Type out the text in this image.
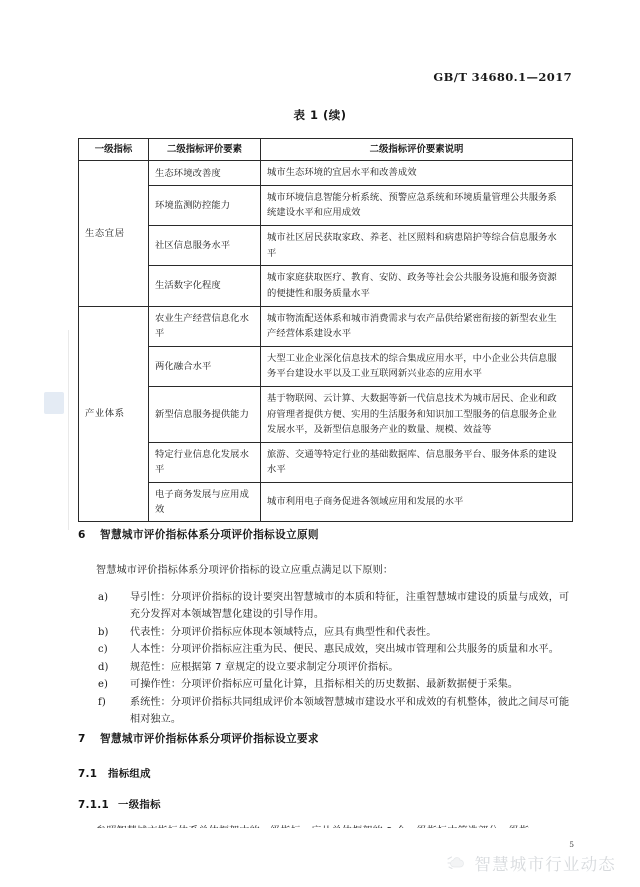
GB/T 34680.1—2017
表 1 (续)
一级指标	二级指标评价要素	二级指标评价要素说明
生态宜居	生态环境改善度	城市生态环境的宜居水平和改善成效
	环境监测防控能力	城市环境信息智能分析系统、预警应急系统和环境质量管理公共服务系统建设水平和应用成效
	社区信息服务水平	城市社区居民获取家政、养老、社区照料和病患陪护等综合信息服务水平
	生活数字化程度	城市家庭获取医疗、教育、安防、政务等社会公共服务设施和服务资源的便捷性和服务质量水平
产业体系	农业生产经营信息化水平	城市物流配送体系和城市消费需求与农产品供给紧密衔接的新型农业生产经营体系建设水平
	两化融合水平	大型工业企业深化信息技术的综合集成应用水平，中小企业公共信息服务平台建设水平以及工业互联网新兴业态的应用水平
	新型信息服务提供能力	基于物联网、云计算、大数据等新一代信息技术为城市居民、企业和政府管理者提供方便、实用的生活服务和知识加工型服务的信息服务企业发展水平，及新型信息服务产业的数量、规模、效益等
	特定行业信息化发展水平	旅游、交通等特定行业的基础数据库、信息服务平台、服务体系的建设水平
	电子商务发展与应用成效	城市利用电子商务促进各领域应用和发展的水平
6 智慧城市评价指标体系分项评价指标设立原则
智慧城市评价指标体系分项评价指标的设立应重点满足以下原则：
a)	导引性：分项评价指标的设计要突出智慧城市的本质和特征，注重智慧城市建设的质量与成效，可充分发挥对本领域智慧化建设的引导作用。
b)	代表性：分项评价指标应体现本领域特点，应具有典型性和代表性。
c)	人本性：分项评价指标应注重为民、便民、惠民成效，突出城市管理和公共服务的质量和水平。
d)	规范性：应根据第 7 章规定的设立要求制定分项评价指标。
e)	可操作性：分项评价指标应可量化计算，且指标相关的历史数据、最新数据便于采集。
f)	系统性：分项评价指标共同组成评价本领域智慧城市建设水平和成效的有机整体，彼此之间尽可能相对独立。
7 智慧城市评价指标体系分项评价指标设立要求
7.1 指标组成
7.1.1 一级指标
5
智慧城市行业动态
